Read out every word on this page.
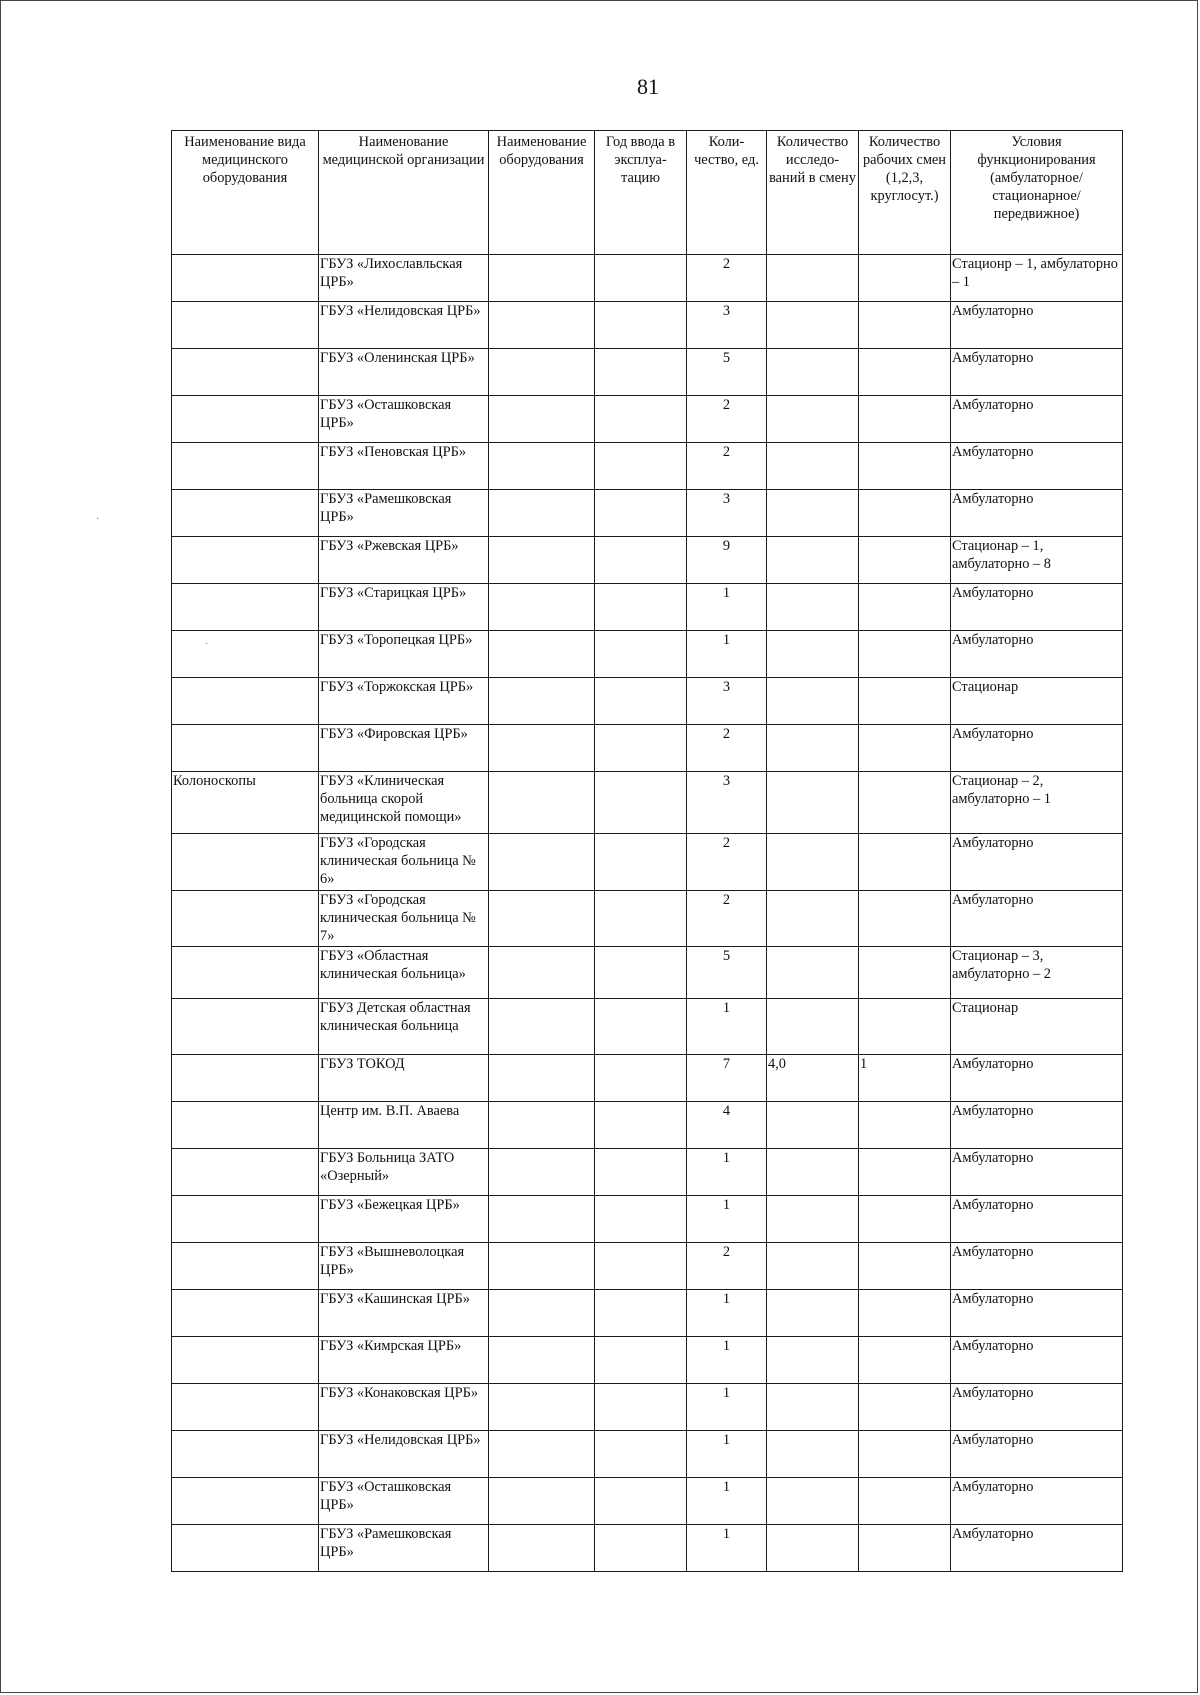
81
·
·
Наименование вида медицинского оборудования	Наименование медицинской организации	Наименование оборудования	Год ввода в эксплуа-тацию	Коли-чество, ед.	Количество исследо-ваний в смену	Количество рабочих смен (1,2,3, круглосут.)	Условия функционирования (амбулаторное/ стационарное/ передвижное)
	ГБУЗ «Лихославльская ЦРБ»			2			Стационр – 1, амбулаторно – 1
	ГБУЗ «Нелидовская ЦРБ»			3			Амбулаторно
	ГБУЗ «Оленинская ЦРБ»			5			Амбулаторно
	ГБУЗ «Осташковская ЦРБ»			2			Амбулаторно
	ГБУЗ «Пеновская ЦРБ»			2			Амбулаторно
	ГБУЗ «Рамешковская ЦРБ»			3			Амбулаторно
	ГБУЗ «Ржевская ЦРБ»			9			Стационар – 1, амбулаторно – 8
	ГБУЗ «Старицкая ЦРБ»			1			Амбулаторно
	ГБУЗ «Торопецкая ЦРБ»			1			Амбулаторно
	ГБУЗ «Торжокская ЦРБ»			3			Стационар
	ГБУЗ «Фировская ЦРБ»			2			Амбулаторно
Колоноскопы	ГБУЗ «Клиническая больница скорой медицинской помощи»			3			Стационар – 2, амбулаторно – 1
	ГБУЗ «Городская клиническая больница № 6»			2			Амбулаторно
	ГБУЗ «Городская клиническая больница № 7»			2			Амбулаторно
	ГБУЗ «Областная клиническая больница»			5			Стационар – 3, амбулаторно – 2
	ГБУЗ Детская областная клиническая больница			1			Стационар
	ГБУЗ ТОКОД			7	4,0	1	Амбулаторно
	Центр им. В.П. Аваева			4			Амбулаторно
	ГБУЗ Больница ЗАТО «Озерный»			1			Амбулаторно
	ГБУЗ «Бежецкая ЦРБ»			1			Амбулаторно
	ГБУЗ «Вышневолоцкая ЦРБ»			2			Амбулаторно
	ГБУЗ «Кашинская ЦРБ»			1			Амбулаторно
	ГБУЗ «Кимрская ЦРБ»			1			Амбулаторно
	ГБУЗ «Конаковская ЦРБ»			1			Амбулаторно
	ГБУЗ «Нелидовская ЦРБ»			1			Амбулаторно
	ГБУЗ «Осташковская ЦРБ»			1			Амбулаторно
	ГБУЗ «Рамешковская ЦРБ»			1			Амбулаторно
